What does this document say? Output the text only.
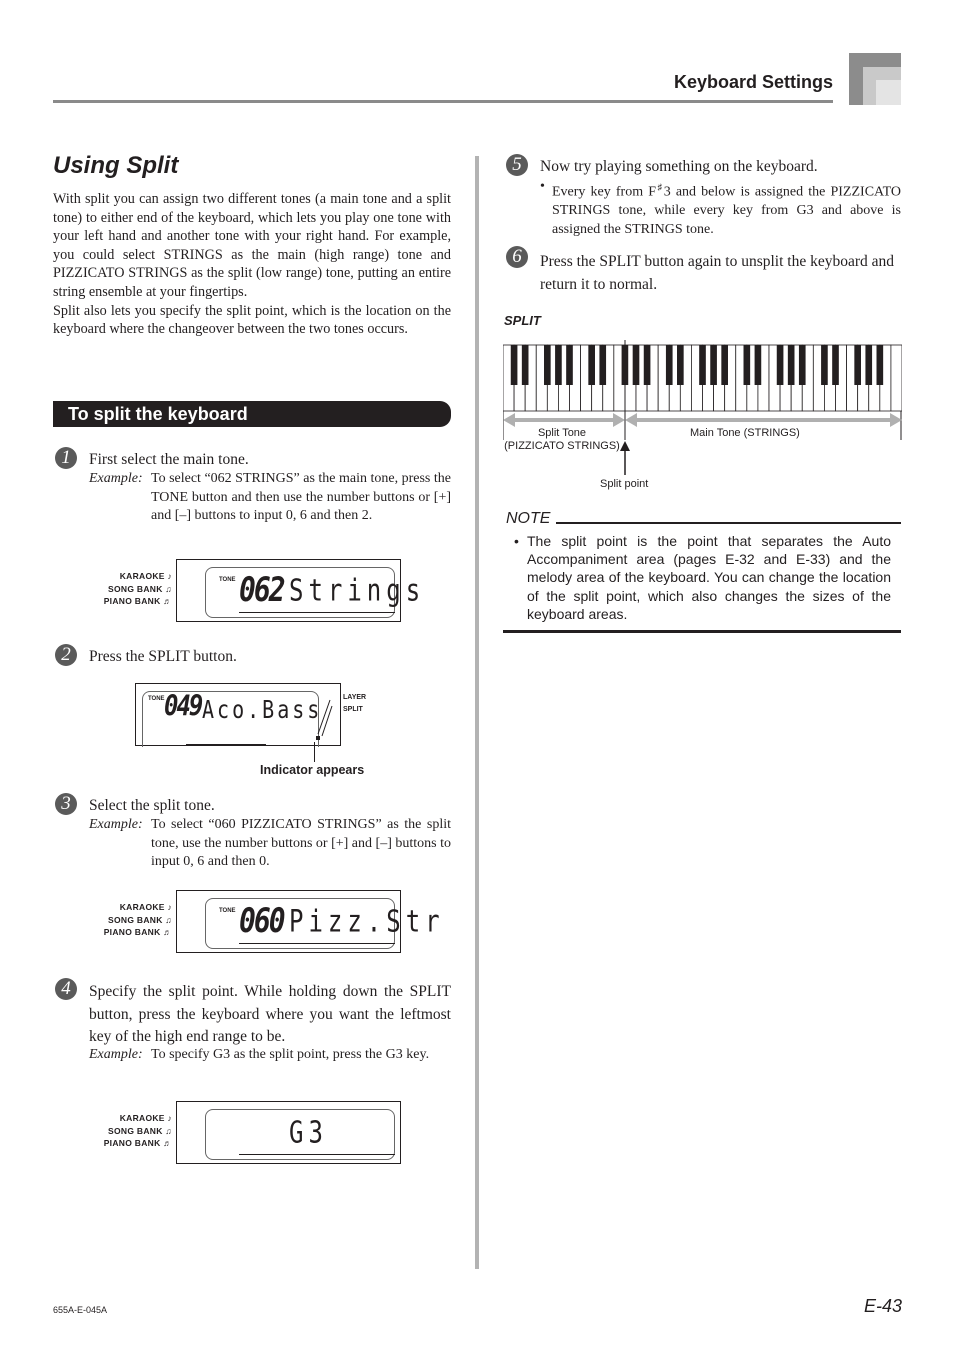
Keyboard Settings
Using Split
With split you can assign two different tones (a main tone and a split tone) to either end of the keyboard, which lets you play one tone with your left hand and another tone with your right hand. For example, you could select STRINGS as the main (high range) tone and PIZZICATO STRINGS as the split (low range) tone, putting an entire string ensemble at your fingertips.
Split also lets you specify the split point, which is the location on the keyboard where the changeover between the two tones occurs.
To split the keyboard
1	First select the main tone.
Example: To select “062 STRINGS” as the main tone, press the TONE button and then use the number buttons or [+] and [–] buttons to input 0, 6 and then 2.
KARAOKE ♪
SONG BANK ♫
PIANO BANK ♬
TONE 062 Strings
2	Press the SPLIT button.
TONE 049 Aco.Bass	LAYER
SPLIT
Indicator appears
3	Select the split tone.
Example: To select “060 PIZZICATO STRINGS” as the split tone, use the number buttons or [+] and [–] buttons to input 0, 6 and then 0.
KARAOKE ♪
SONG BANK ♫
PIANO BANK ♬
TONE 060 Pizz.Str
4	Specify the split point. While holding down the SPLIT button, press the keyboard where you want the leftmost key of the high end range to be.
Example: To specify G3 as the split point, press the G3 key.
KARAOKE ♪
SONG BANK ♫
PIANO BANK ♬	G3
5	Now try playing something on the keyboard.
• Every key from F♯3 and below is assigned the PIZZICATO STRINGS tone, while every key from G3 and above is assigned the STRINGS tone.
6	Press the SPLIT button again to unsplit the keyboard and return it to normal.
SPLIT
Split Tone
(PIZZICATO STRINGS)
Main Tone (STRINGS)
Split point
NOTE
• The split point is the point that separates the Auto Accompaniment area (pages E-32 and E-33) and the melody area of the keyboard. You can change the location of the split point, which also changes the sizes of the keyboard areas.
655A-E-045A	E-43
